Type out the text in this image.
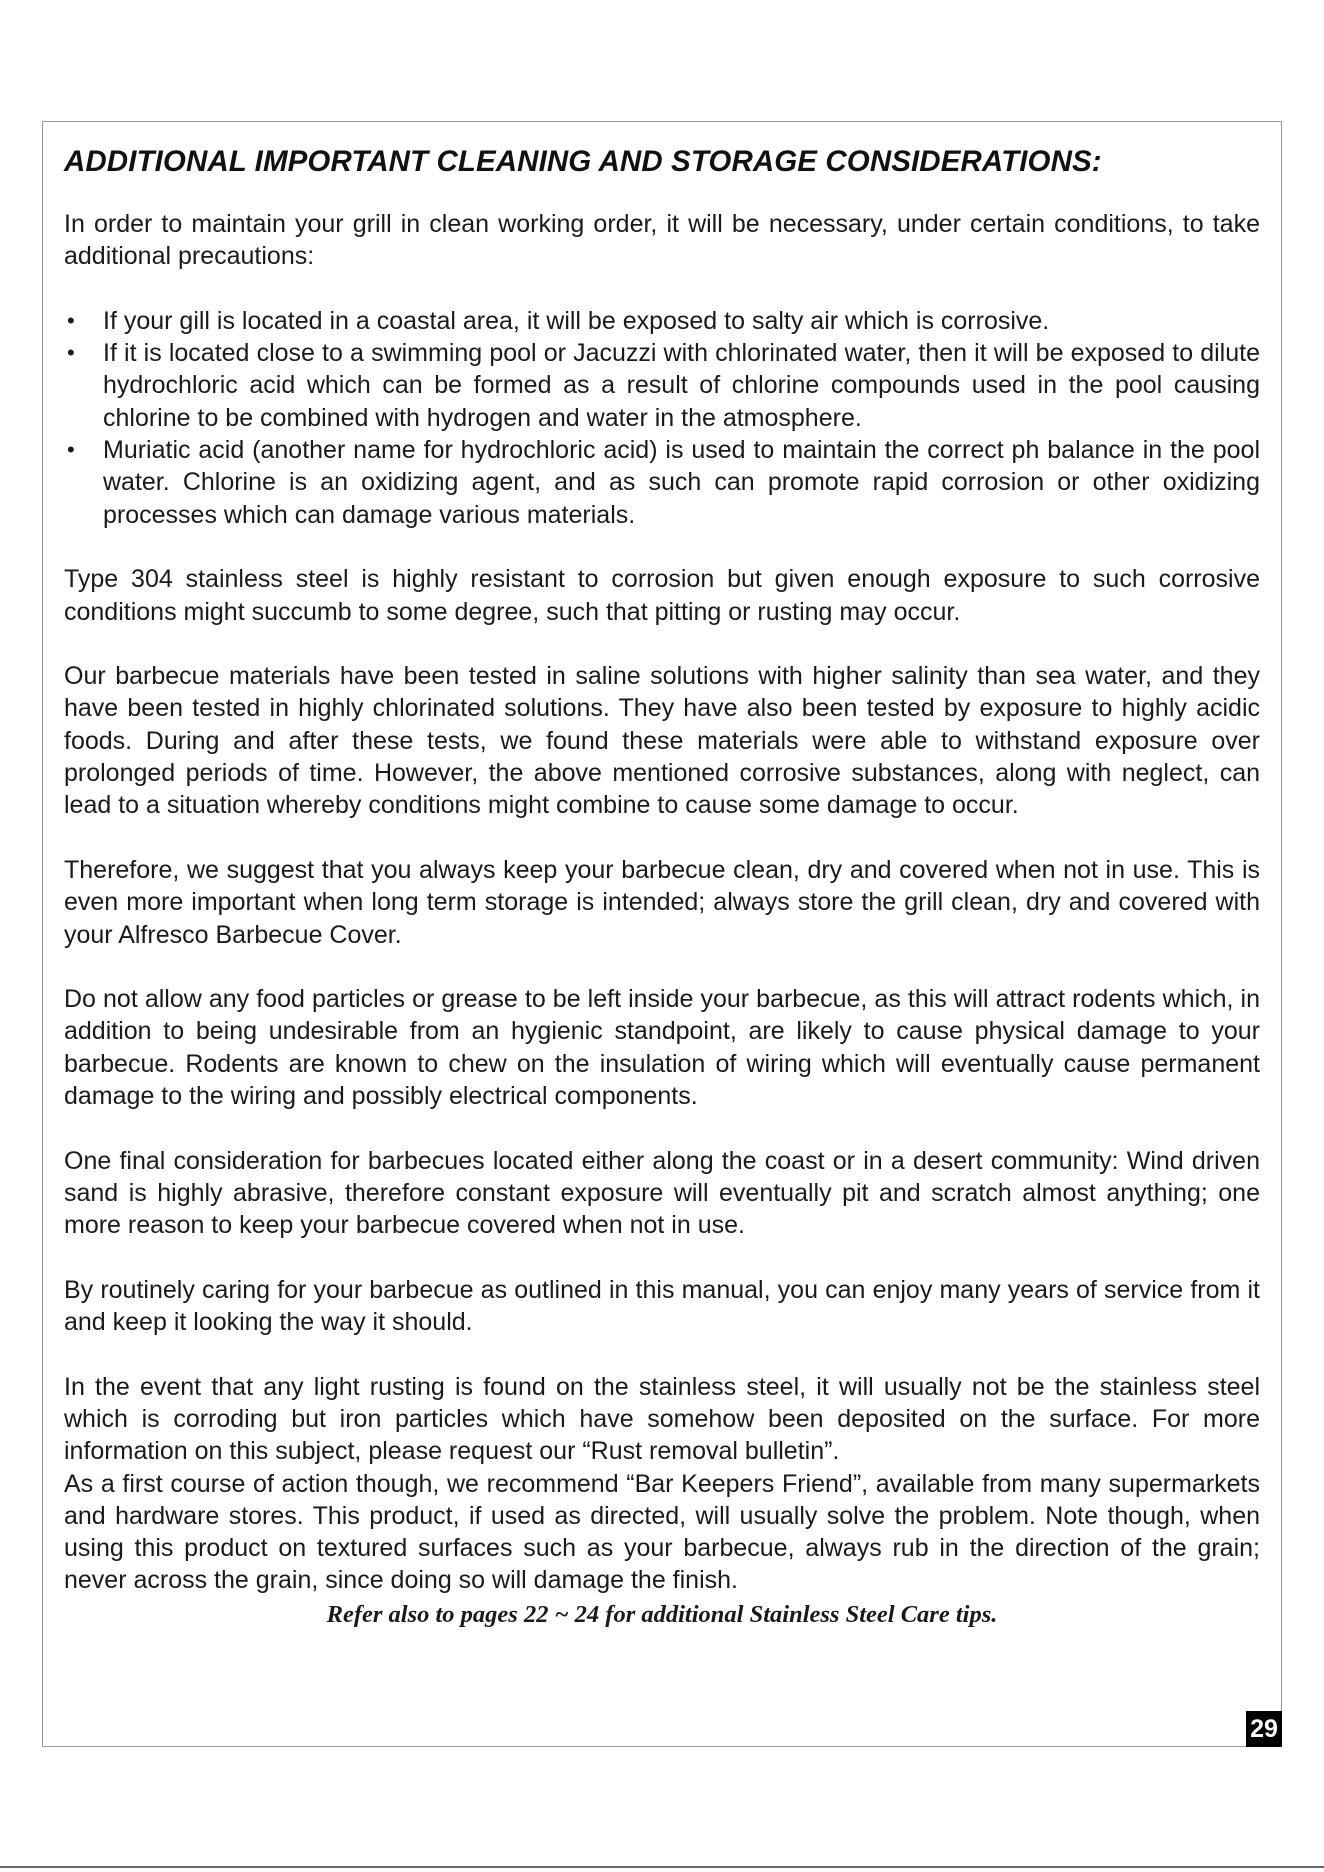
ADDITIONAL IMPORTANT CLEANING AND STORAGE CONSIDERATIONS:

In order to maintain your grill in clean working order, it will be necessary, under certain conditions, to take additional precautions:

• If your gill is located in a coastal area, it will be exposed to salty air which is corrosive.
• If it is located close to a swimming pool or Jacuzzi with chlorinated water, then it will be exposed to dilute hydrochloric acid which can be formed as a result of chlorine compounds used in the pool causing chlorine to be combined with hydrogen and water in the atmosphere.
• Muriatic acid (another name for hydrochloric acid) is used to maintain the correct ph balance in the pool water. Chlorine is an oxidizing agent, and as such can promote rapid corrosion or other oxidizing processes which can damage various materials.

Type 304 stainless steel is highly resistant to corrosion but given enough exposure to such corrosive conditions might succumb to some degree, such that pitting or rusting may occur.

Our barbecue materials have been tested in saline solutions with higher salinity than sea water, and they have been tested in highly chlorinated solutions. They have also been tested by exposure to highly acidic foods. During and after these tests, we found these materials were able to withstand exposure over prolonged periods of time. However, the above mentioned corrosive substances, along with neglect, can lead to a situation whereby conditions might combine to cause some damage to occur.

Therefore, we suggest that you always keep your barbecue clean, dry and covered when not in use. This is even more important when long term storage is intended; always store the grill clean, dry and covered with your Alfresco Barbecue Cover.

Do not allow any food particles or grease to be left inside your barbecue, as this will attract rodents which, in addition to being undesirable from an hygienic standpoint, are likely to cause physical damage to your barbecue. Rodents are known to chew on the insulation of wiring which will eventually cause permanent damage to the wiring and possibly electrical components.

One final consideration for barbecues located either along the coast or in a desert community: Wind driven sand is highly abrasive, therefore constant exposure will eventually pit and scratch almost anything; one more reason to keep your barbecue covered when not in use.

By routinely caring for your barbecue as outlined in this manual, you can enjoy many years of service from it and keep it looking the way it should.

In the event that any light rusting is found on the stainless steel, it will usually not be the stainless steel which is corroding but iron particles which have somehow been deposited on the surface. For more information on this subject, please request our “Rust removal bulletin”.

As a first course of action though, we recommend “Bar Keepers Friend”, available from many supermarkets and hardware stores. This product, if used as directed, will usually solve the problem. Note though, when using this product on textured surfaces such as your barbecue, always rub in the direction of the grain; never across the grain, since doing so will damage the finish.

Refer also to pages 22 ~ 24 for additional Stainless Steel Care tips.

29
